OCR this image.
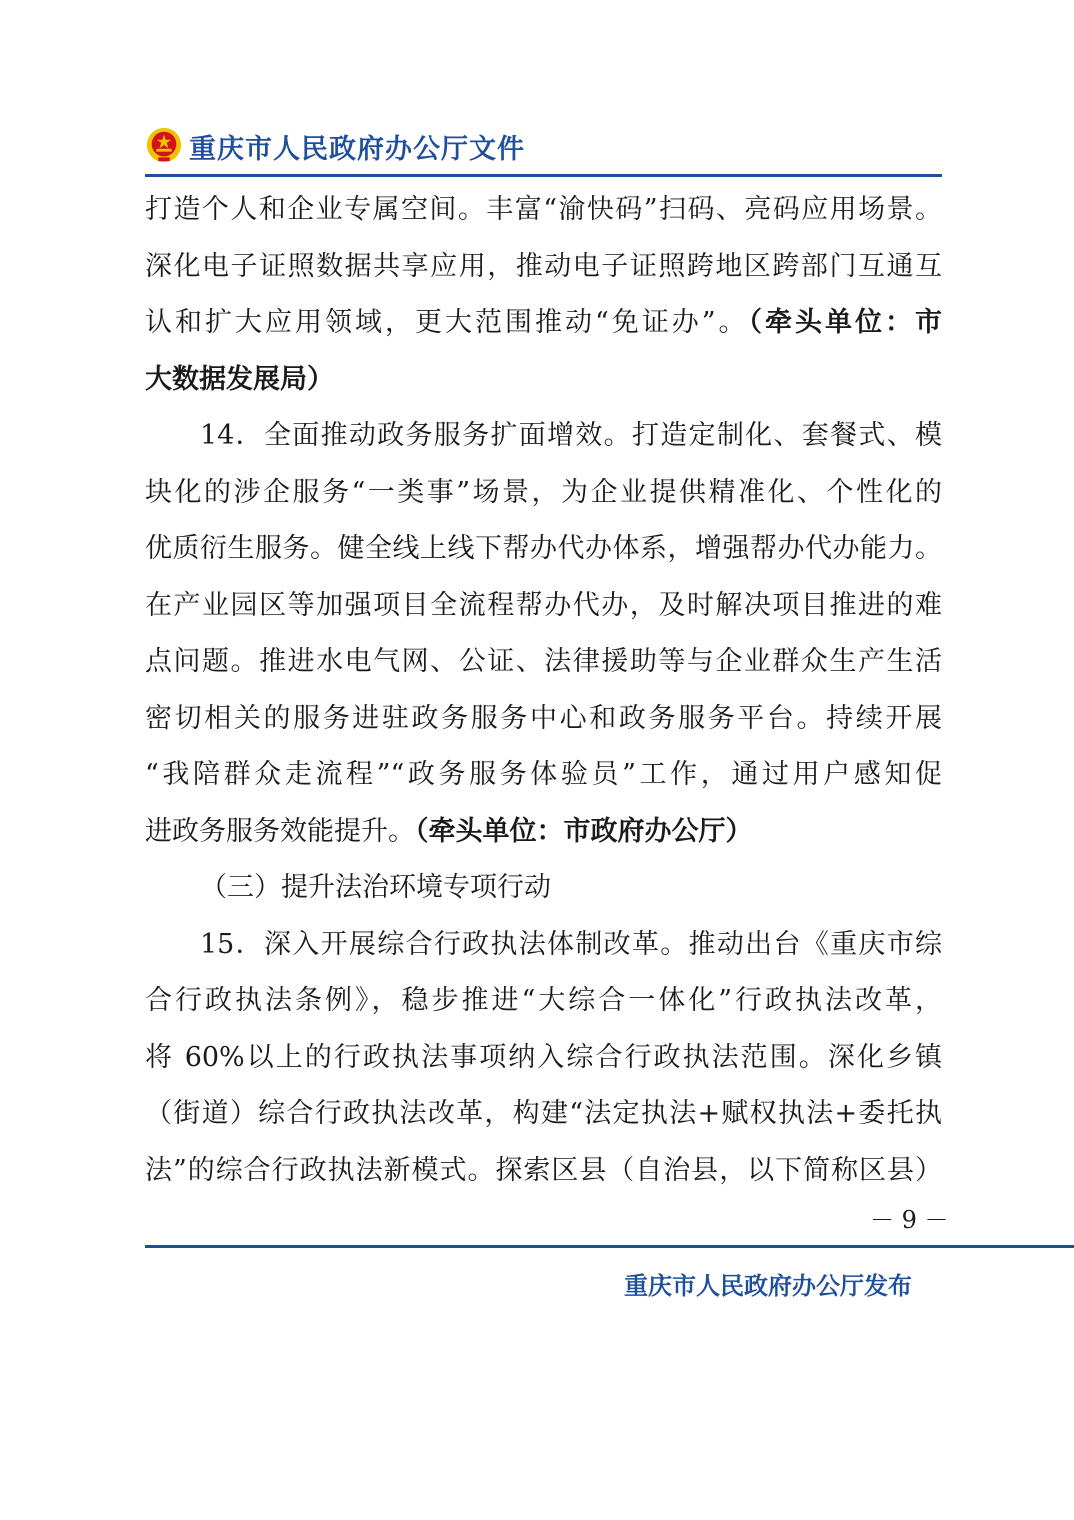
重庆市人民政府办公厅文件
打造个人和企业专属空间。丰富“渝快码”扫码、亮码应用场景。
深化电子证照数据共享应用，推动电子证照跨地区跨部门互通互
认和扩大应用领域，更大范围推动“免证办”。（牵头单位：市
大数据发展局）
14．全面推动政务服务扩面增效。打造定制化、套餐式、模
块化的涉企服务“一类事”场景，为企业提供精准化、个性化的
优质衍生服务。健全线上线下帮办代办体系，增强帮办代办能力。
在产业园区等加强项目全流程帮办代办，及时解决项目推进的难
点问题。推进水电气网、公证、法律援助等与企业群众生产生活
密切相关的服务进驻政务服务中心和政务服务平台。持续开展
“我陪群众走流程”“政务服务体验员”工作，通过用户感知促
进政务服务效能提升。（牵头单位：市政府办公厅）
（三）提升法治环境专项行动
15．深入开展综合行政执法体制改革。推动出台《重庆市综
合行政执法条例》，稳步推进“大综合一体化”行政执法改革，
将 60%以上的行政执法事项纳入综合行政执法范围。深化乡镇
（街道）综合行政执法改革，构建“法定执法+赋权执法+委托执
法”的综合行政执法新模式。探索区县（自治县，以下简称区县）
－ 9 －
重庆市人民政府办公厅发布
